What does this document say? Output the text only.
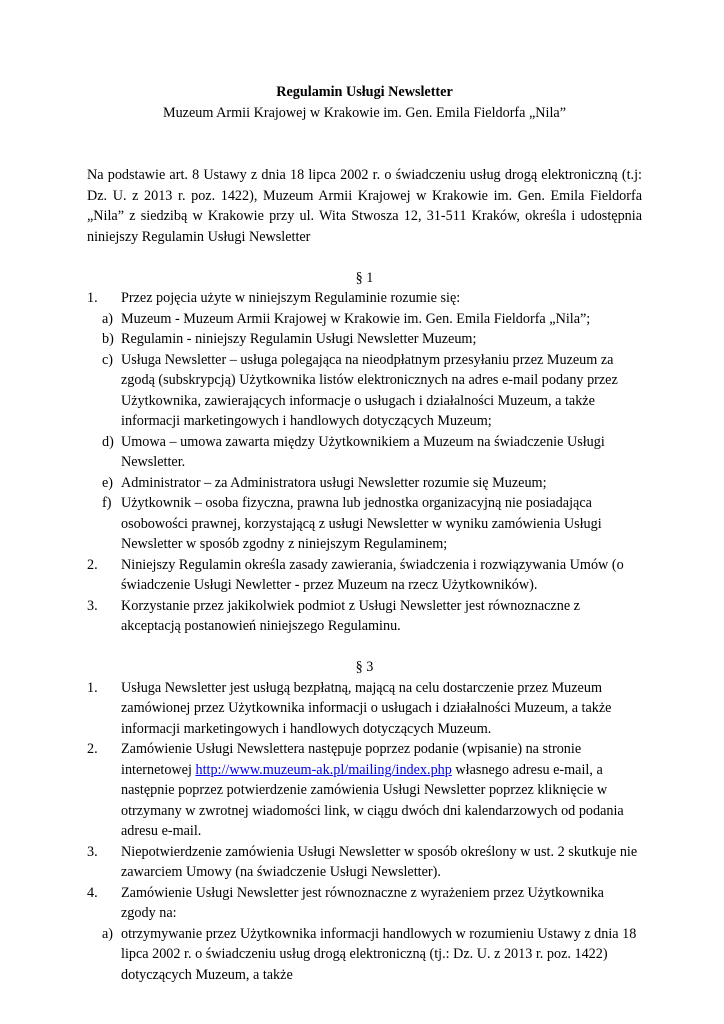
Regulamin Usługi Newsletter
Muzeum Armii Krajowej w Krakowie im. Gen. Emila Fieldorfa „Nila”
Na podstawie art. 8 Ustawy z dnia 18 lipca 2002 r. o świadczeniu usług drogą elektroniczną (t.j: Dz. U. z 2013 r. poz. 1422), Muzeum Armii Krajowej w Krakowie im. Gen. Emila Fieldorfa „Nila” z siedzibą w Krakowie przy ul. Wita Stwosza 12, 31-511 Kraków, określa i udostępnia niniejszy Regulamin Usługi Newsletter
§ 1
1.	Przez pojęcia użyte w niniejszym Regulaminie rozumie się:
a) Muzeum - Muzeum Armii Krajowej w Krakowie im. Gen. Emila Fieldorfa „Nila”;
b) Regulamin - niniejszy Regulamin Usługi Newsletter Muzeum;
c) Usługa Newsletter – usługa polegająca na nieodpłatnym przesyłaniu przez Muzeum za zgodą (subskrypcją) Użytkownika listów elektronicznych na adres e-mail podany przez Użytkownika, zawierających informacje o usługach i działalności Muzeum, a także informacji marketingowych i handlowych dotyczących Muzeum;
d) Umowa – umowa zawarta między Użytkownikiem a Muzeum na świadczenie Usługi Newsletter.
e) Administrator – za Administratora usługi Newsletter rozumie się Muzeum;
f) Użytkownik – osoba fizyczna, prawna lub jednostka organizacyjną nie posiadająca osobowości prawnej, korzystającą z usługi Newsletter w wyniku zamówienia Usługi Newsletter w sposób zgodny z niniejszym Regulaminem;
2.	Niniejszy Regulamin określa zasady zawierania, świadczenia i rozwiązywania Umów (o świadczenie Usługi Newletter - przez Muzeum na rzecz Użytkowników).
3.	Korzystanie przez jakikolwiek podmiot z Usługi Newsletter jest równoznaczne z akceptacją postanowień niniejszego Regulaminu.
§ 3
1.	Usługa Newsletter jest usługą bezpłatną, mającą na celu dostarczenie przez Muzeum zamówionej przez Użytkownika informacji o usługach i działalności Muzeum, a także informacji marketingowych i handlowych dotyczących Muzeum.
2.	Zamówienie Usługi Newslettera następuje poprzez podanie (wpisanie) na stronie internetowej http://www.muzeum-ak.pl/mailing/index.php własnego adresu e-mail, a następnie poprzez potwierdzenie zamówienia Usługi Newsletter poprzez kliknięcie w otrzymany w zwrotnej wiadomości link, w ciągu dwóch dni kalendarzowych od podania adresu e-mail.
3.	Niepotwierdzenie zamówienia Usługi Newsletter w sposób określony w ust. 2 skutkuje nie zawarciem Umowy (na świadczenie Usługi Newsletter).
4.	Zamówienie Usługi Newsletter jest równoznaczne z wyrażeniem przez Użytkownika zgody na:
a) otrzymywanie przez Użytkownika informacji handlowych w rozumieniu Ustawy z dnia 18 lipca 2002 r. o świadczeniu usług drogą elektroniczną (tj.: Dz. U. z 2013 r. poz. 1422) dotyczących Muzeum, a także
